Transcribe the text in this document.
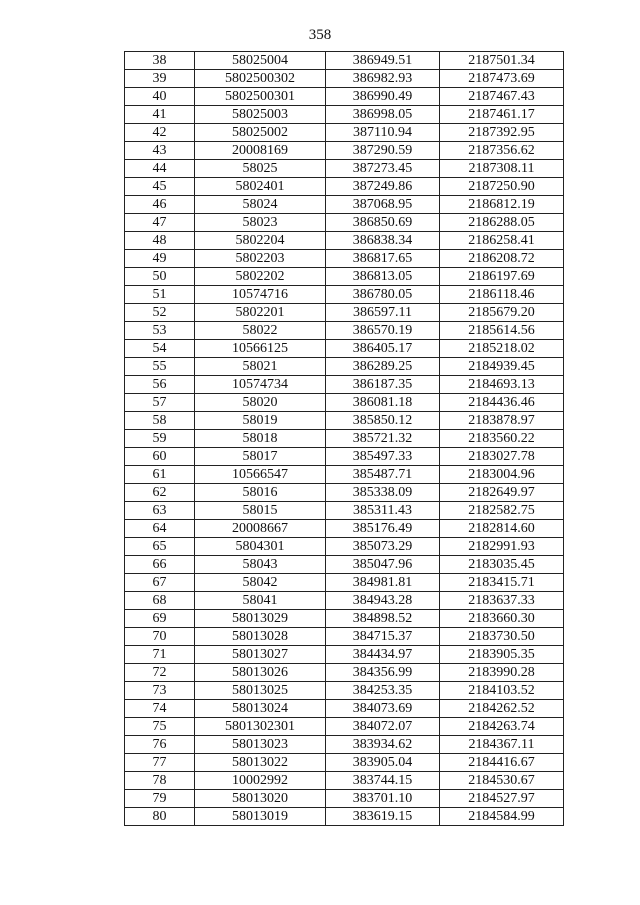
358
38	58025004	386949.51	2187501.34
39	5802500302	386982.93	2187473.69
40	5802500301	386990.49	2187467.43
41	58025003	386998.05	2187461.17
42	58025002	387110.94	2187392.95
43	20008169	387290.59	2187356.62
44	58025	387273.45	2187308.11
45	5802401	387249.86	2187250.90
46	58024	387068.95	2186812.19
47	58023	386850.69	2186288.05
48	5802204	386838.34	2186258.41
49	5802203	386817.65	2186208.72
50	5802202	386813.05	2186197.69
51	10574716	386780.05	2186118.46
52	5802201	386597.11	2185679.20
53	58022	386570.19	2185614.56
54	10566125	386405.17	2185218.02
55	58021	386289.25	2184939.45
56	10574734	386187.35	2184693.13
57	58020	386081.18	2184436.46
58	58019	385850.12	2183878.97
59	58018	385721.32	2183560.22
60	58017	385497.33	2183027.78
61	10566547	385487.71	2183004.96
62	58016	385338.09	2182649.97
63	58015	385311.43	2182582.75
64	20008667	385176.49	2182814.60
65	5804301	385073.29	2182991.93
66	58043	385047.96	2183035.45
67	58042	384981.81	2183415.71
68	58041	384943.28	2183637.33
69	58013029	384898.52	2183660.30
70	58013028	384715.37	2183730.50
71	58013027	384434.97	2183905.35
72	58013026	384356.99	2183990.28
73	58013025	384253.35	2184103.52
74	58013024	384073.69	2184262.52
75	5801302301	384072.07	2184263.74
76	58013023	383934.62	2184367.11
77	58013022	383905.04	2184416.67
78	10002992	383744.15	2184530.67
79	58013020	383701.10	2184527.97
80	58013019	383619.15	2184584.99
